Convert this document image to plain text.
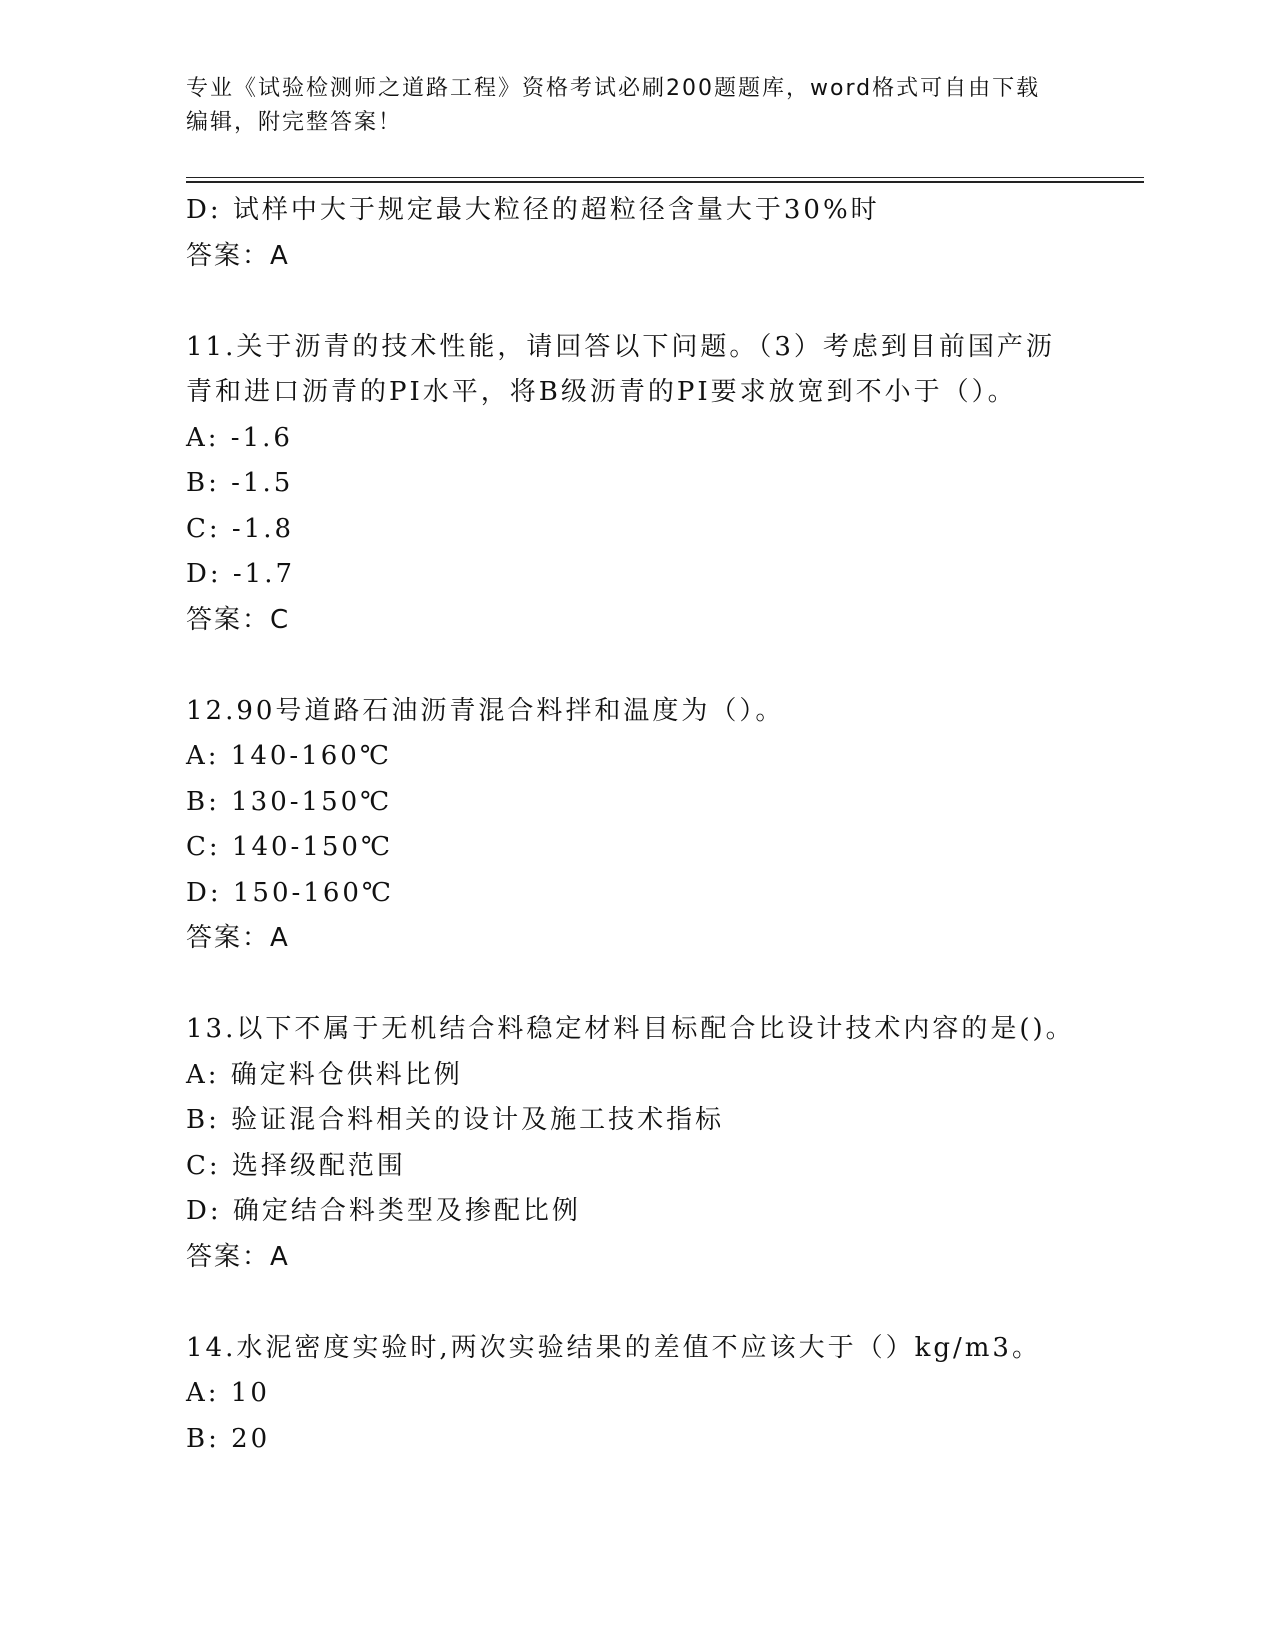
专业《试验检测师之道路工程》资格考试必刷200题题库，word格式可自由下载
编辑，附完整答案！
D: 试样中大于规定最大粒径的超粒径含量大于30%时
答案：A
11.关于沥青的技术性能，请回答以下问题。（3）考虑到目前国产沥
青和进口沥青的PI水平，将B级沥青的PI要求放宽到不小于（）。
A: -1.6
B: -1.5
C: -1.8
D: -1.7
答案：C
12.90号道路石油沥青混合料拌和温度为（）。
A: 140-160℃
B: 130-150℃
C: 140-150℃
D: 150-160℃
答案：A
13.以下不属于无机结合料稳定材料目标配合比设计技术内容的是()。
A: 确定料仓供料比例
B: 验证混合料相关的设计及施工技术指标
C: 选择级配范围
D: 确定结合料类型及掺配比例
答案：A
14.水泥密度实验时,两次实验结果的差值不应该大于（）kg/m3。
A: 10
B: 20
